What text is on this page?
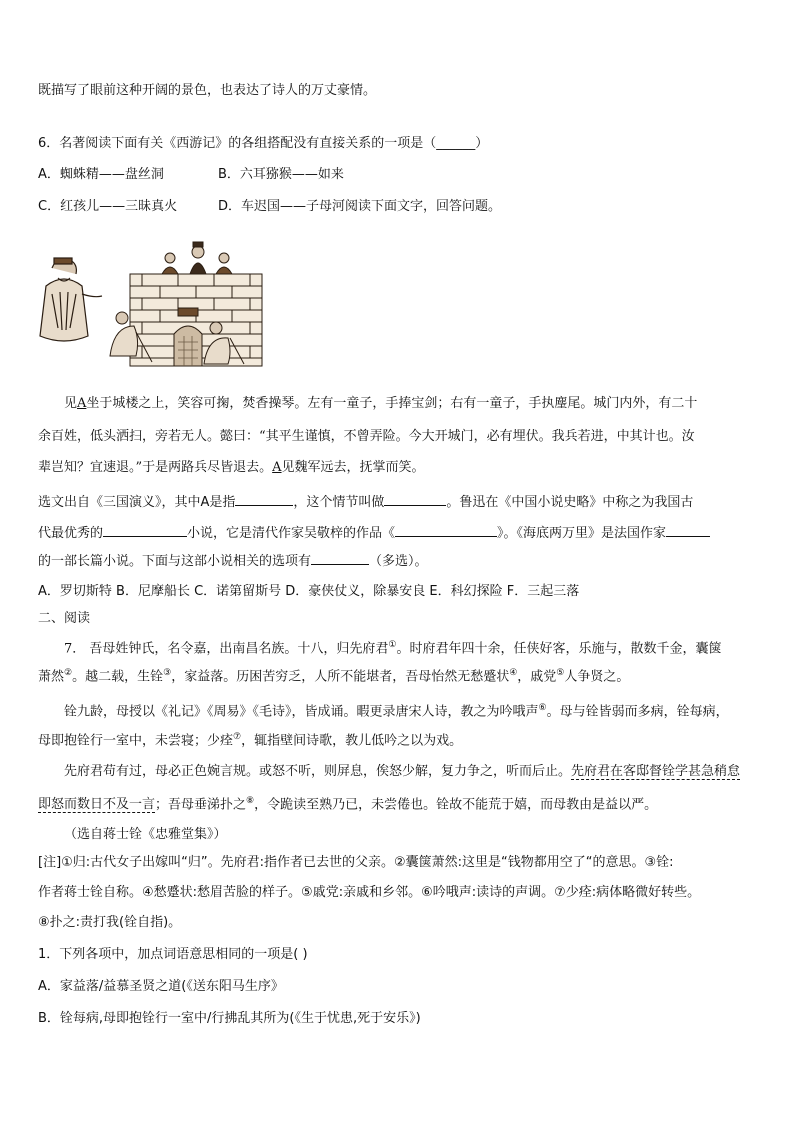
既描写了眼前这种开阔的景色，也表达了诗人的万丈豪情。
6．名著阅读下面有关《西游记》的各组搭配没有直接关系的一项是（______）
A．蜘蛛精——盘丝洞	B．六耳猕猴——如来
C．红孩儿——三昧真火	D．车迟国——子母河阅读下面文字，回答问题。
见A坐于城楼之上，笑容可掬，焚香操琴。左有一童子，手捧宝剑；右有一童子，手执麈尾。城门内外，有二十
余百姓，低头洒扫，旁若无人。懿曰：“其平生谨慎，不曾弄险。今大开城门，必有埋伏。我兵若进，中其计也。汝
辈岂知？宜速退。”于是两路兵尽皆退去。A见魏军远去，抚掌而笑。
选文出自《三国演义》，其中A是指	，这个情节叫做	。鲁迅在《中国小说史略》中称之为我国古
代最优秀的	小说，它是清代作家吴敬梓的作品《	》。《海底两万里》是法国作家
的一部长篇小说。下面与这部小说相关的选项有	（多选）。
A．罗切斯特 B．尼摩船长 C．诺第留斯号 D．豪侠仗义，除暴安良 E．科幻探险 F．三起三落
二、阅读
7． 吾母姓钟氏，名令嘉，出南昌名族。十八，归先府君①。时府君年四十余，任侠好客，乐施与，散数千金，囊箧
萧然②。越二载，生铨③，家益落。历困苦穷乏，人所不能堪者，吾母怡然无愁蹙状④，戚党⑤人争贤之。
铨九龄，母授以《礼记》《周易》《毛诗》，皆成诵。暇更录唐宋人诗，教之为吟哦声⑥。母与铨皆弱而多病，铨每病，
母即抱铨行一室中，未尝寝；少痊⑦，辄指壁间诗歌，教儿低吟之以为戏。
先府君苟有过，母必正色婉言规。或怒不听，则屏息，俟怒少解，复力争之，听而后止。先府君在客邸督铨学甚急稍怠
即怒而数日不及一言；吾母垂涕扑之⑧，令跪读至熟乃已，未尝倦也。铨故不能荒于嬉，而母教由是益以严。
（选自蒋士铨《忠雅堂集》）
[注]①归:古代女子出嫁叫“归”。先府君:指作者已去世的父亲。②囊箧萧然:这里是“钱物都用空了“的意思。③铨:
作者蒋士铨自称。④愁蹙状:愁眉苦脸的样子。⑤戚党:亲戚和乡邻。⑥吟哦声:读诗的声调。⑦少痊:病体略微好转些。
⑧扑之:责打我(铨自指)。
1．下列各项中，加点词语意思相同的一项是( )
A．家益落/益慕圣贤之道(《送东阳马生序》
B．铨每病,母即抱铨行一室中/行拂乱其所为(《生于忧患,死于安乐》)
